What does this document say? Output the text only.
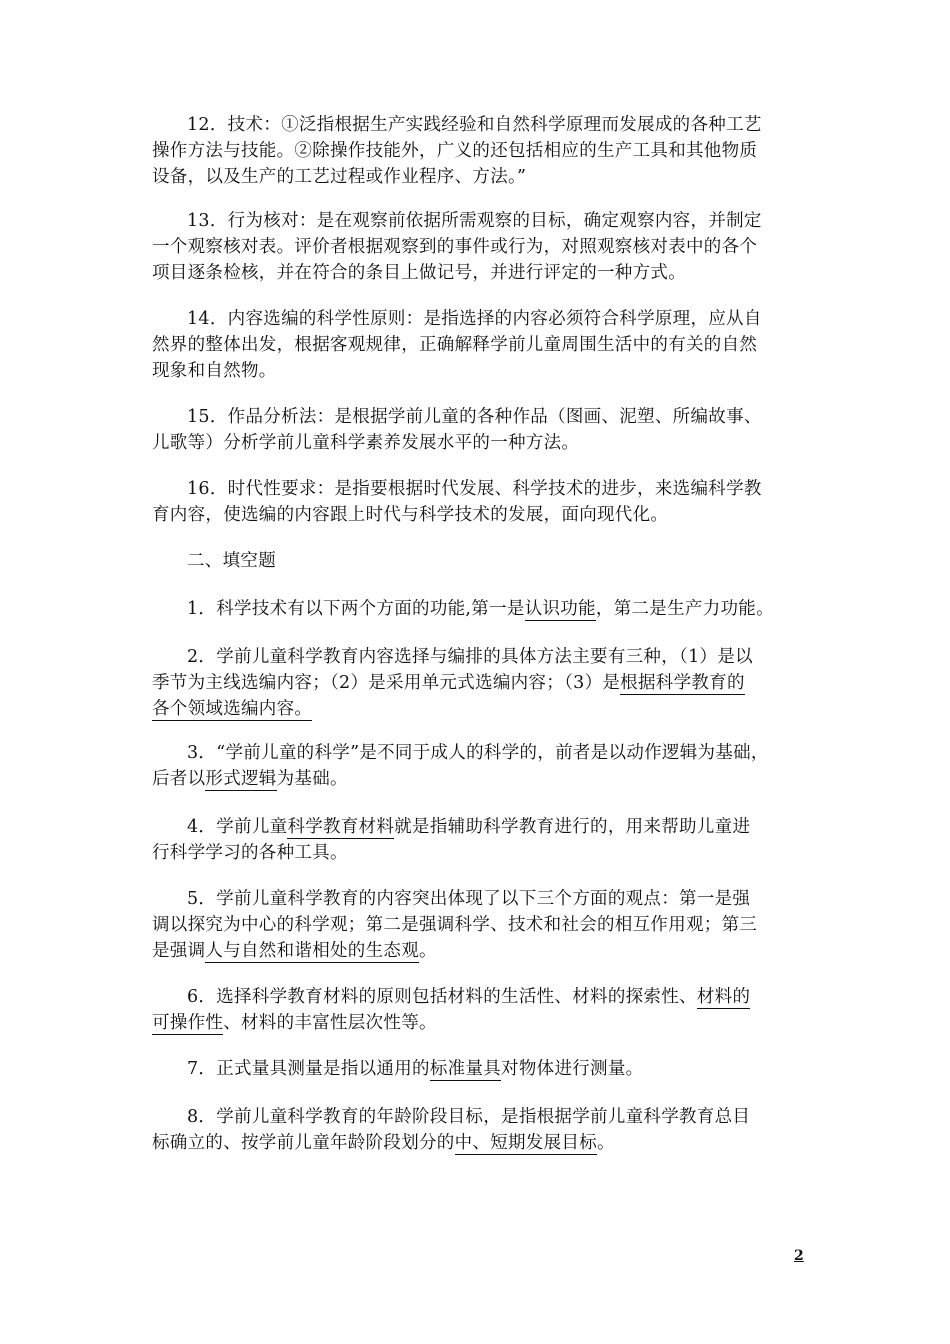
12．技术：①泛指根据生产实践经验和自然科学原理而发展成的各种工艺
操作方法与技能。②除操作技能外，广义的还包括相应的生产工具和其他物质
设备，以及生产的工艺过程或作业程序、方法。”

13．行为核对：是在观察前依据所需观察的目标，确定观察内容，并制定
一个观察核对表。评价者根据观察到的事件或行为，对照观察核对表中的各个
项目逐条检核，并在符合的条目上做记号，并进行评定的一种方式。

14．内容选编的科学性原则：是指选择的内容必须符合科学原理，应从自
然界的整体出发，根据客观规律，正确解释学前儿童周围生活中的有关的自然
现象和自然物。

15．作品分析法：是根据学前儿童的各种作品（图画、泥塑、所编故事、
儿歌等）分析学前儿童科学素养发展水平的一种方法。

16．时代性要求：是指要根据时代发展、科学技术的进步，来选编科学教
育内容，使选编的内容跟上时代与科学技术的发展，面向现代化。

二、填空题

1．科学技术有以下两个方面的功能,第一是认识功能，第二是生产力功能。

2．学前儿童科学教育内容选择与编排的具体方法主要有三种，（1）是以
季节为主线选编内容；（2）是采用单元式选编内容；（3）是根据科学教育的
各个领域选编内容。

3．“学前儿童的科学”是不同于成人的科学的，前者是以动作逻辑为基础，
后者以形式逻辑为基础。

4．学前儿童科学教育材料就是指辅助科学教育进行的，用来帮助儿童进
行科学学习的各种工具。

5．学前儿童科学教育的内容突出体现了以下三个方面的观点：第一是强
调以探究为中心的科学观；第二是强调科学、技术和社会的相互作用观；第三
是强调人与自然和谐相处的生态观。

6．选择科学教育材料的原则包括材料的生活性、材料的探索性、材料的
可操作性、材料的丰富性层次性等。

7．正式量具测量是指以通用的标准量具对物体进行测量。

8．学前儿童科学教育的年龄阶段目标，是指根据学前儿童科学教育总目
标确立的、按学前儿童年龄阶段划分的中、短期发展目标。

2
